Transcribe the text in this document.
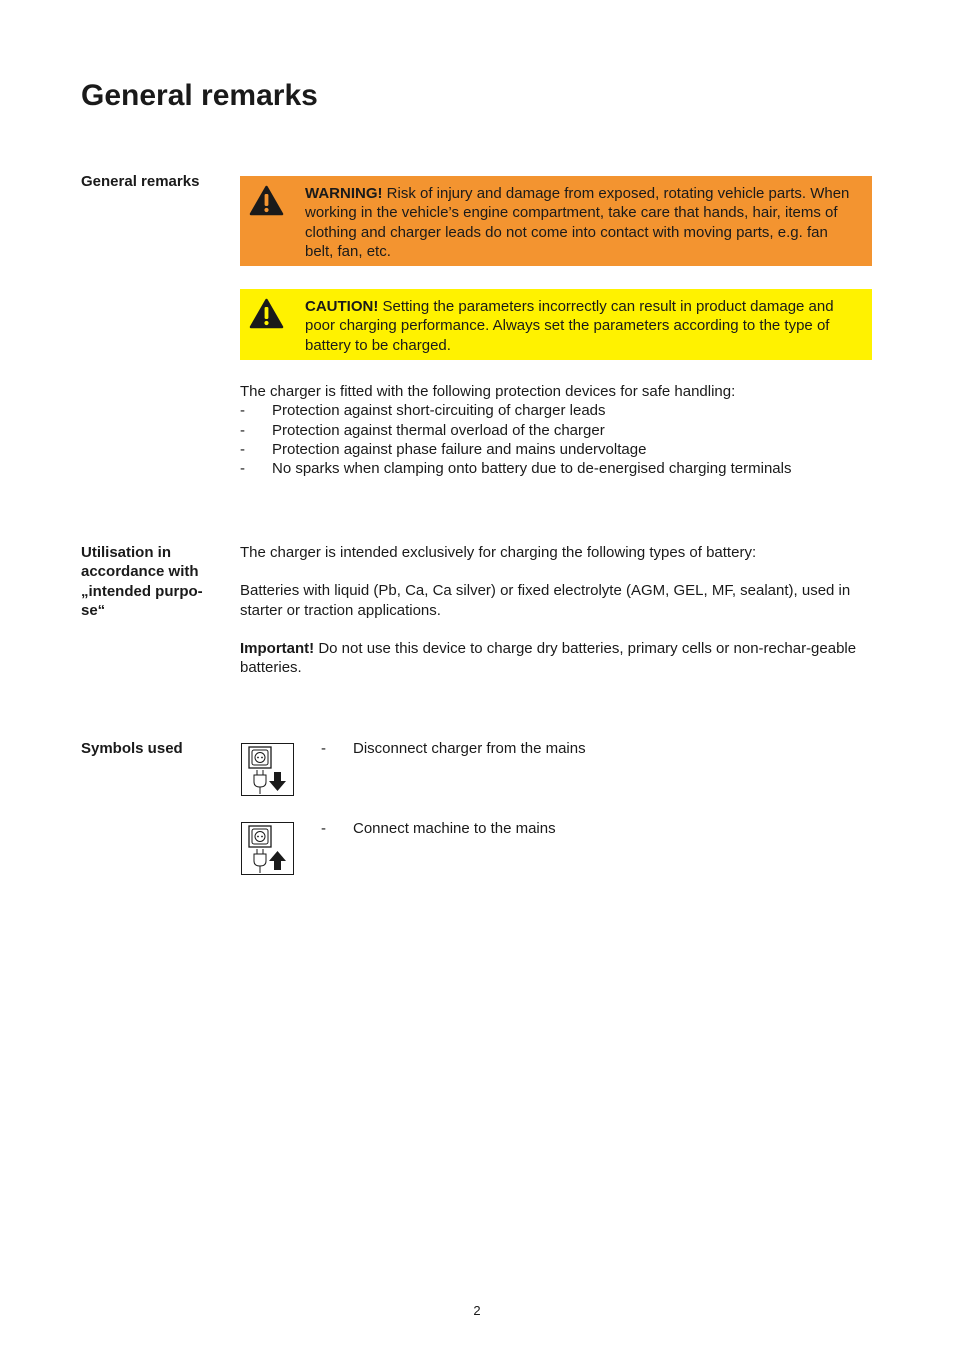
General remarks
General remarks
WARNING! Risk of injury and damage from exposed, rotating vehicle parts. When working in the vehicle’s engine compartment, take care that hands, hair, items of clothing and charger leads do not come into contact with moving parts, e.g. fan belt, fan, etc.
CAUTION! Setting the parameters incorrectly can result in product damage and poor charging performance. Always set the parameters according to the type of battery to be charged.
The charger is fitted with the following protection devices for safe handling:
- Protection against short-circuiting of charger leads
- Protection against thermal overload of the charger
- Protection against phase failure and mains undervoltage
- No sparks when clamping onto battery due to de-energised charging terminals
Utilisation in accordance with „intended purpo-se“
The charger is intended exclusively for charging the following types of battery:
Batteries with liquid (Pb, Ca, Ca silver) or fixed electrolyte (AGM, GEL, MF, sealant), used in starter or traction applications.
Important! Do not use this device to charge dry batteries, primary cells or non-rechar-geable batteries.
Symbols used	- Disconnect charger from the mains
- Connect machine to the mains
2
